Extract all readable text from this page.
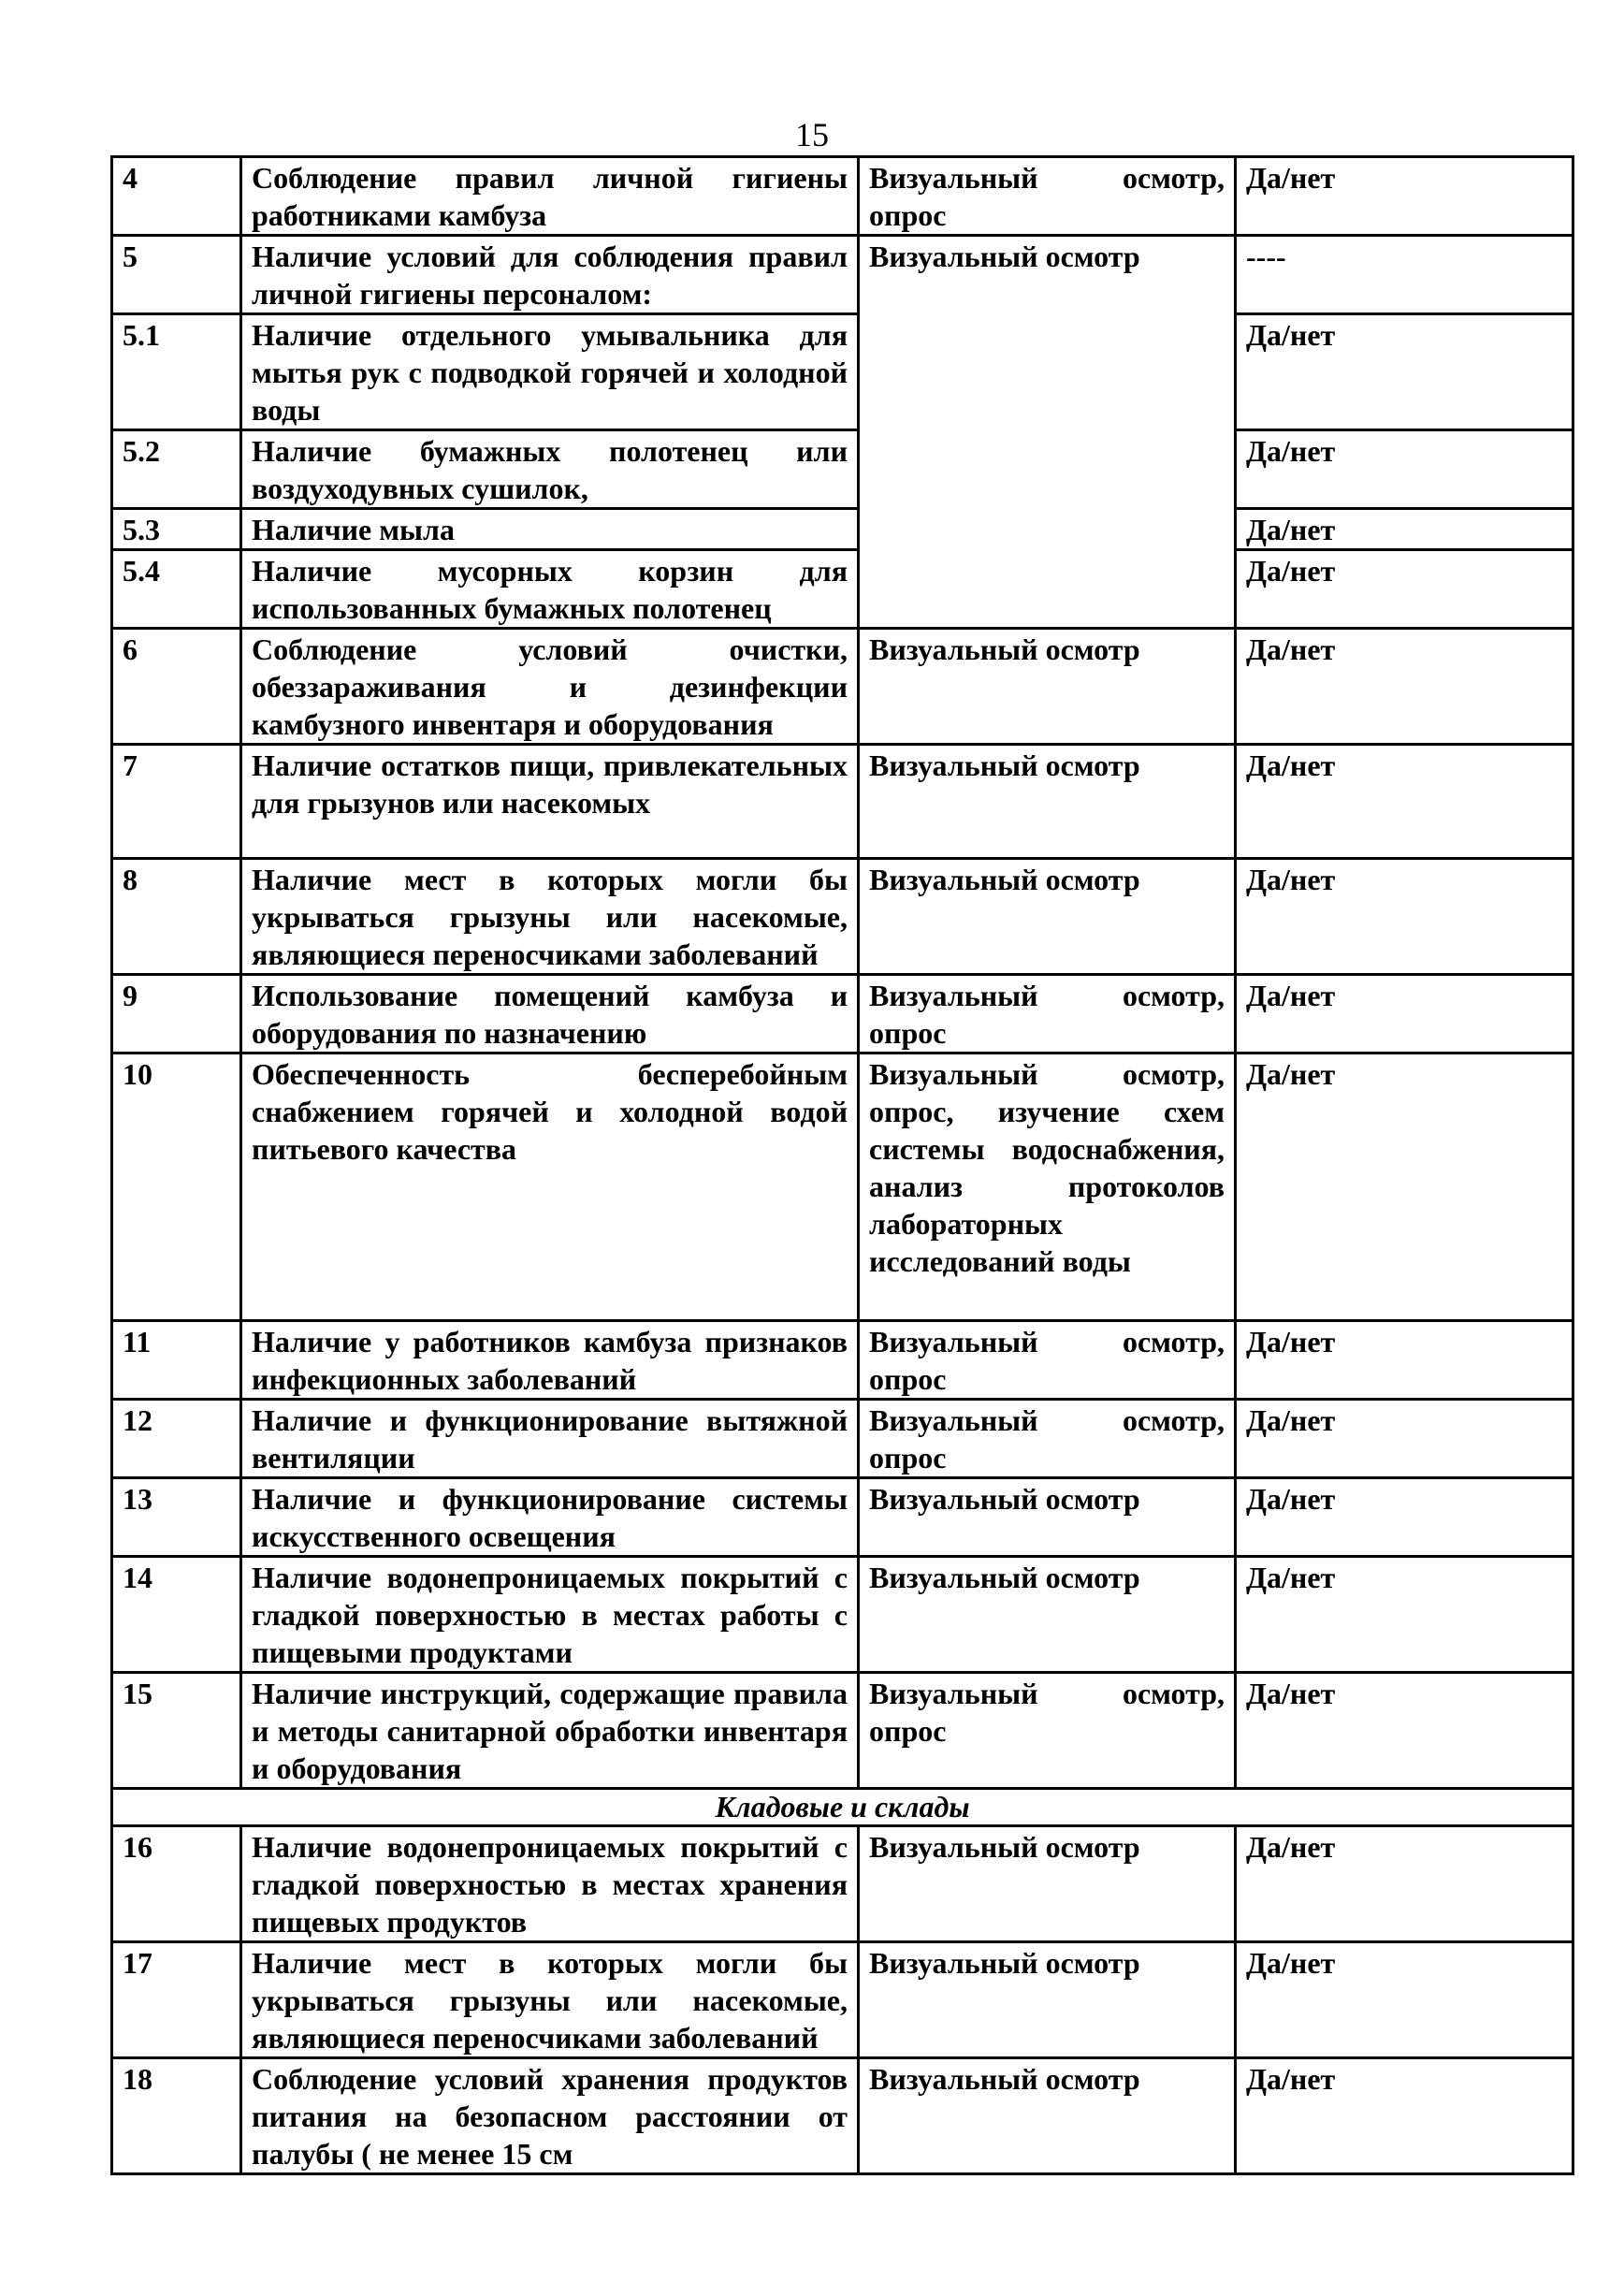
15
4	Соблюдение правил личной гигиены работниками камбуза	Визуальный осмотр, опрос	Да/нет
5	Наличие условий для соблюдения правил личной гигиены персоналом:	Визуальный осмотр	----
5.1	Наличие отдельного умывальника для мытья рук с подводкой горячей и холодной воды		Да/нет
5.2	Наличие бумажных полотенец или воздуходувных сушилок,		Да/нет
5.3	Наличие мыла		Да/нет
5.4	Наличие мусорных корзин для использованных бумажных полотенец		Да/нет
6	Соблюдение условий очистки, обеззараживания и дезинфекции камбузного инвентаря и оборудования	Визуальный осмотр	Да/нет
7	Наличие остатков пищи, привлекательных для грызунов или насекомых	Визуальный осмотр	Да/нет
8	Наличие мест в которых могли бы укрываться грызуны или насекомые, являющиеся переносчиками заболеваний	Визуальный осмотр	Да/нет
9	Использование помещений камбуза и оборудования по назначению	Визуальный осмотр, опрос	Да/нет
10	Обеспеченность бесперебойным снабжением горячей и холодной водой питьевого качества	Визуальный осмотр, опрос, изучение схем системы водоснабжения, анализ протоколов лабораторных исследований воды	Да/нет
11	Наличие у работников камбуза признаков инфекционных заболеваний	Визуальный осмотр, опрос	Да/нет
12	Наличие и функционирование вытяжной вентиляции	Визуальный осмотр, опрос	Да/нет
13	Наличие и функционирование системы искусственного освещения	Визуальный осмотр	Да/нет
14	Наличие водонепроницаемых покрытий с гладкой поверхностью в местах работы с пищевыми продуктами	Визуальный осмотр	Да/нет
15	Наличие инструкций, содержащие правила и методы санитарной обработки инвентаря и оборудования	Визуальный осмотр, опрос	Да/нет
Кладовые и склады			
16	Наличие водонепроницаемых покрытий с гладкой поверхностью в местах хранения пищевых продуктов	Визуальный осмотр	Да/нет
17	Наличие мест в которых могли бы укрываться грызуны или насекомые, являющиеся переносчиками заболеваний	Визуальный осмотр	Да/нет
18	Соблюдение условий хранения продуктов питания на безопасном расстоянии от палубы ( не менее 15 см	Визуальный осмотр	Да/нет
